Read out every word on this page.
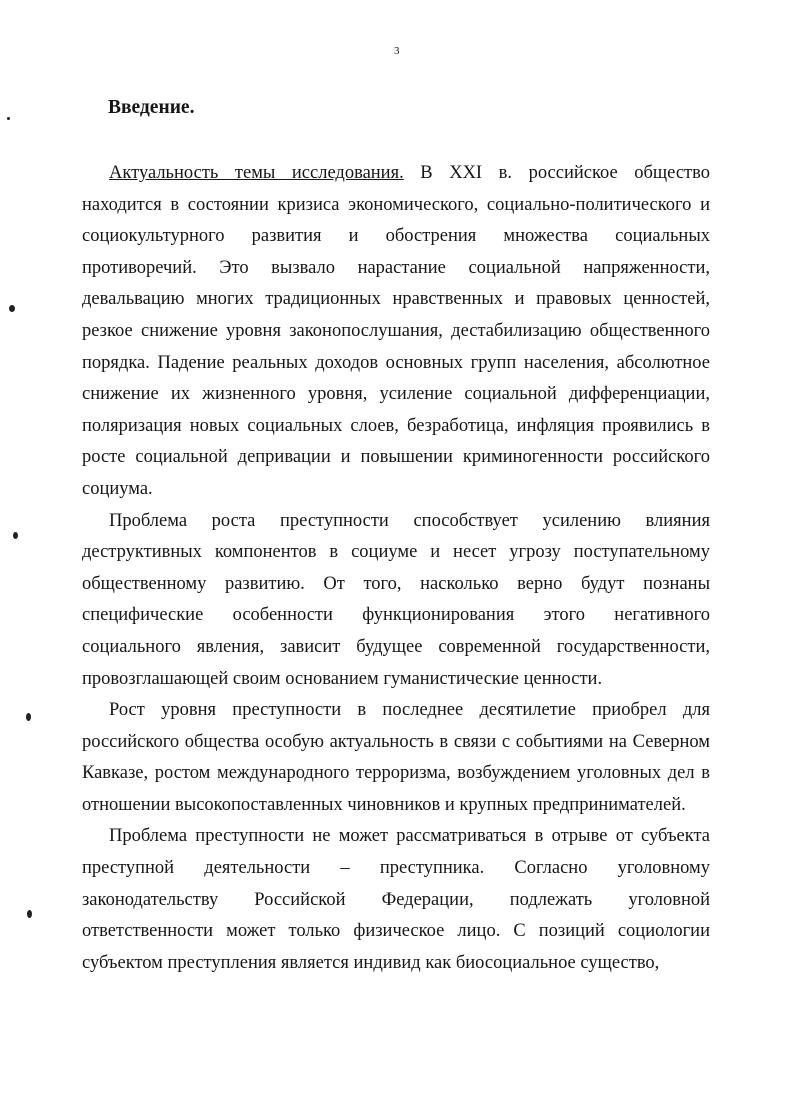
3
Введение.

Актуальность темы исследования. В XXI в. российское общество находится в состоянии кризиса экономического, социально-политического и социокультурного развития и обострения множества социальных противоречий. Это вызвало нарастание социальной напряженности, девальвацию многих традиционных нравственных и правовых ценностей, резкое снижение уровня законопослушания, дестабилизацию общественного порядка. Падение реальных доходов основных групп населения, абсолютное снижение их жизненного уровня, усиление социальной дифференциации, поляризация новых социальных слоев, безработица, инфляция проявились в росте социальной депривации и повышении криминогенности российского социума.

Проблема роста преступности способствует усилению влияния деструктивных компонентов в социуме и несет угрозу поступательному общественному развитию. От того, насколько верно будут познаны специфические особенности функционирования этого негативного социального явления, зависит будущее современной государственности, провозглашающей своим основанием гуманистические ценности.

Рост уровня преступности в последнее десятилетие приобрел для российского общества особую актуальность в связи с событиями на Северном Кавказе, ростом международного терроризма, возбуждением уголовных дел в отношении высокопоставленных чиновников и крупных предпринимателей.

Проблема преступности не может рассматриваться в отрыве от субъекта преступной деятельности – преступника. Согласно уголовному законодательству Российской Федерации, подлежать уголовной ответственности может только физическое лицо. С позиций социологии субъектом преступления является индивид как биосоциальное существо,
